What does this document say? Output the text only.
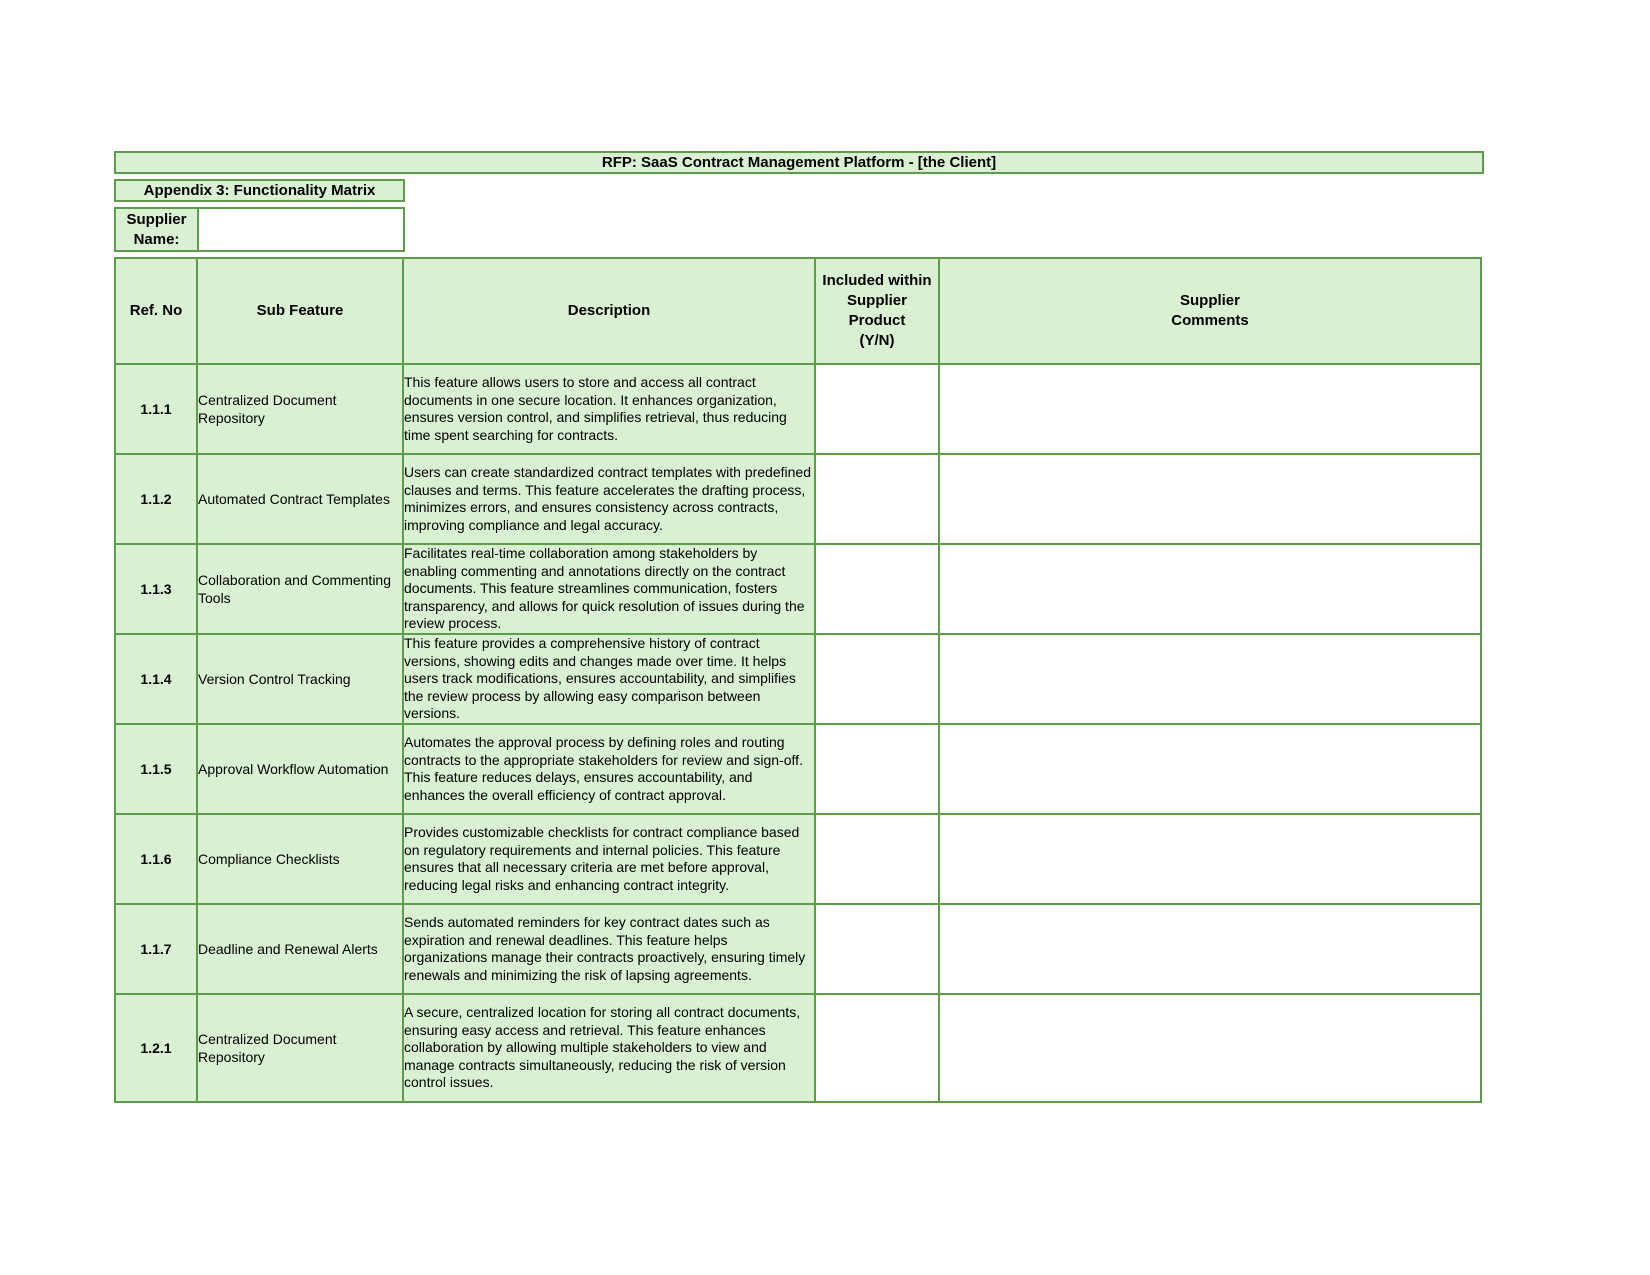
RFP: SaaS Contract Management Platform - [the Client]
Appendix 3: Functionality Matrix
Supplier
Name:
Ref. No	Sub Feature	Description	Included within
Supplier
Product
(Y/N)	Supplier
Comments
1.1.1	Centralized Document Repository	This feature allows users to store and access all contract documents in one secure location. It enhances organization, ensures version control, and simplifies retrieval, thus reducing time spent searching for contracts.		
1.1.2	Automated Contract Templates	Users can create standardized contract templates with predefined clauses and terms. This feature accelerates the drafting process, minimizes errors, and ensures consistency across contracts, improving compliance and legal accuracy.		
1.1.3	Collaboration and Commenting Tools	Facilitates real-time collaboration among stakeholders by enabling commenting and annotations directly on the contract documents. This feature streamlines communication, fosters transparency, and allows for quick resolution of issues during the review process.		
1.1.4	Version Control Tracking	This feature provides a comprehensive history of contract versions, showing edits and changes made over time. It helps users track modifications, ensures accountability, and simplifies the review process by allowing easy comparison between versions.		
1.1.5	Approval Workflow Automation	Automates the approval process by defining roles and routing contracts to the appropriate stakeholders for review and sign-off. This feature reduces delays, ensures accountability, and enhances the overall efficiency of contract approval.		
1.1.6	Compliance Checklists	Provides customizable checklists for contract compliance based on regulatory requirements and internal policies. This feature ensures that all necessary criteria are met before approval, reducing legal risks and enhancing contract integrity.		
1.1.7	Deadline and Renewal Alerts	Sends automated reminders for key contract dates such as expiration and renewal deadlines. This feature helps organizations manage their contracts proactively, ensuring timely renewals and minimizing the risk of lapsing agreements.		
1.2.1	Centralized Document Repository	A secure, centralized location for storing all contract documents, ensuring easy access and retrieval. This feature enhances collaboration by allowing multiple stakeholders to view and manage contracts simultaneously, reducing the risk of version control issues.		
